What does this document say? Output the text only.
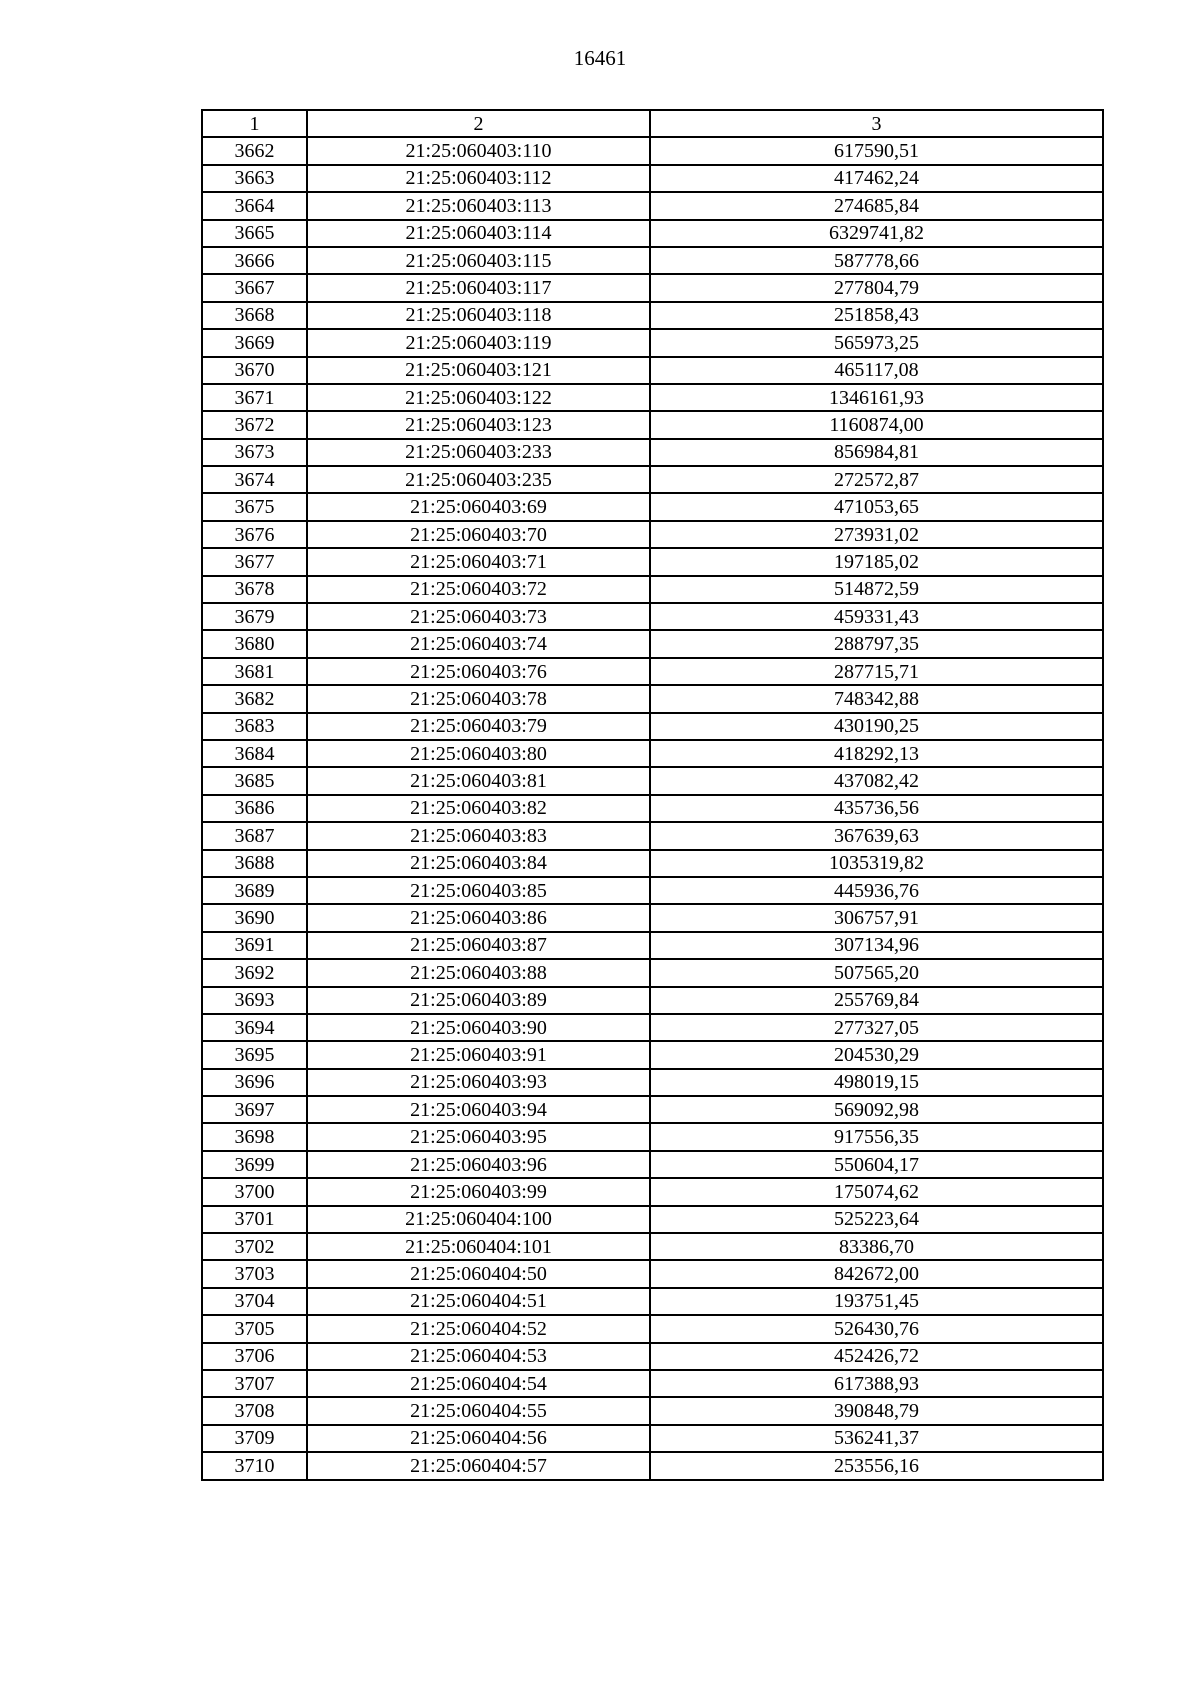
16461
1	2	3
3662	21:25:060403:110	617590,51
3663	21:25:060403:112	417462,24
3664	21:25:060403:113	274685,84
3665	21:25:060403:114	6329741,82
3666	21:25:060403:115	587778,66
3667	21:25:060403:117	277804,79
3668	21:25:060403:118	251858,43
3669	21:25:060403:119	565973,25
3670	21:25:060403:121	465117,08
3671	21:25:060403:122	1346161,93
3672	21:25:060403:123	1160874,00
3673	21:25:060403:233	856984,81
3674	21:25:060403:235	272572,87
3675	21:25:060403:69	471053,65
3676	21:25:060403:70	273931,02
3677	21:25:060403:71	197185,02
3678	21:25:060403:72	514872,59
3679	21:25:060403:73	459331,43
3680	21:25:060403:74	288797,35
3681	21:25:060403:76	287715,71
3682	21:25:060403:78	748342,88
3683	21:25:060403:79	430190,25
3684	21:25:060403:80	418292,13
3685	21:25:060403:81	437082,42
3686	21:25:060403:82	435736,56
3687	21:25:060403:83	367639,63
3688	21:25:060403:84	1035319,82
3689	21:25:060403:85	445936,76
3690	21:25:060403:86	306757,91
3691	21:25:060403:87	307134,96
3692	21:25:060403:88	507565,20
3693	21:25:060403:89	255769,84
3694	21:25:060403:90	277327,05
3695	21:25:060403:91	204530,29
3696	21:25:060403:93	498019,15
3697	21:25:060403:94	569092,98
3698	21:25:060403:95	917556,35
3699	21:25:060403:96	550604,17
3700	21:25:060403:99	175074,62
3701	21:25:060404:100	525223,64
3702	21:25:060404:101	83386,70
3703	21:25:060404:50	842672,00
3704	21:25:060404:51	193751,45
3705	21:25:060404:52	526430,76
3706	21:25:060404:53	452426,72
3707	21:25:060404:54	617388,93
3708	21:25:060404:55	390848,79
3709	21:25:060404:56	536241,37
3710	21:25:060404:57	253556,16
